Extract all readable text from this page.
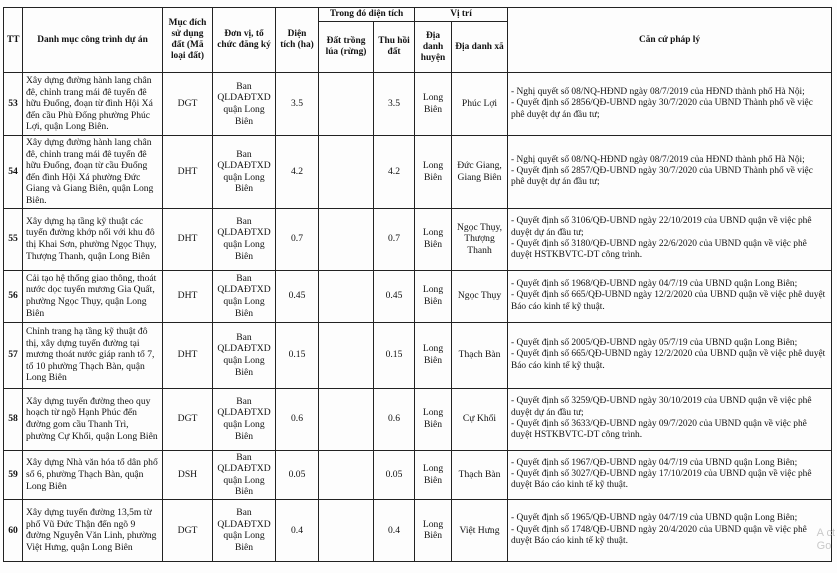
TT	Danh mục công trình dự án	Mục đích sử dụng đất (Mã loại đất)	Đơn vị, tổ chức đăng ký	Diện tích (ha)	Trong đó diện tích		Vị trí		Căn cứ pháp lý
					Đất trồng lúa (rừng)	Thu hồi đất	Địa danh huyện	Địa danh xã	
53	Xây dựng đường hành lang chân đê, chỉnh trang mái đê tuyến đê hữu Đuống, đoạn từ đình Hội Xá đến cầu Phù Đổng phường Phúc Lợi, quận Long Biên.	DGT	Ban QLDAĐTXD quận Long Biên	3.5		3.5	Long Biên	Phúc Lợi	- Nghị quyết số 08/NQ-HĐND ngày 08/7/2019 của HĐND thành phố Hà Nội;
- Quyết định số 2856/QĐ-UBND ngày 30/7/2020 của UBND Thành phố về việc phê duyệt dự án đầu tư;

54	Xây dựng đường hành lang chân đê, chỉnh trang mái đê tuyến đê hữu Đuống, đoạn từ cầu Đuống đến đình Hội Xá phường Đức Giang và Giang Biên, quận Long Biên.	DHT	Ban QLDAĐTXD quận Long Biên	4.2		4.2	Long Biên	Đức Giang, Giang Biên	- Nghị quyết số 08/NQ-HĐND ngày 08/7/2019 của HĐND thành phố Hà Nội;
- Quyết định số 2857/QĐ-UBND ngày 30/7/2020 của UBND Thành phố về việc phê duyệt dự án đầu tư;

55	Xây dựng hạ tầng kỹ thuật các tuyến đường khớp nối với khu đô thị Khai Sơn, phường Ngọc Thụy, Thượng Thanh, quận Long Biên	DHT	Ban QLDAĐTXD quận Long Biên	0.7		0.7	Long Biên	Ngọc Thụy, Thượng Thanh	- Quyết định số 3106/QĐ-UBND ngày 22/10/2019 của UBND quận về việc phê duyệt dự án đầu tư;
- Quyết định số 3180/QĐ-UBND ngày 22/6/2020 của UBND quận về việc phê duyệt HSTKBVTC-DT công trình.

56	Cải tạo hệ thống giao thông, thoát nước dọc tuyến mương Gia Quất, phường Ngọc Thụy, quận Long Biên	DHT	Ban QLDAĐTXD quận Long Biên	0.45		0.45	Long Biên	Ngọc Thụy	- Quyết định số 1968/QĐ-UBND ngày 04/7/19 của UBND quận Long Biên;
- Quyết định số 665/QĐ-UBND ngày 12/2/2020 của UBND quận về việc phê duyệt Báo cáo kinh tế kỹ thuật.

57	Chỉnh trang hạ tầng kỹ thuật đô thị, xây dựng tuyến đường tại mương thoát nước giáp ranh tổ 7, tổ 10 phường Thạch Bàn, quận Long Biên	DHT	Ban QLDAĐTXD quận Long Biên	0.15		0.15	Long Biên	Thạch Bàn	- Quyết định số 2005/QĐ-UBND ngày 05/7/19 của UBND quận Long Biên;
- Quyết định số 665/QĐ-UBND ngày 12/2/2020 của UBND quận về việc phê duyệt Báo cáo kinh tế kỹ thuật.

58	Xây dựng tuyến đường theo quy hoạch từ ngõ Hạnh Phúc đến đường gom cầu Thanh Trì, phường Cự Khối, quận Long Biên	DGT	Ban QLDAĐTXD quận Long Biên	0.6		0.6	Long Biên	Cự Khối	- Quyết định số 3259/QĐ-UBND ngày 30/10/2019 của UBND quận về việc phê duyệt dự án đầu tư;
- Quyết định số 3633/QĐ-UBND ngày 09/7/2020 của UBND quận về việc phê duyệt HSTKBVTC-DT công trình.

59	Xây dựng Nhà văn hóa tổ dân phố số 6, phường Thạch Bàn, quận Long Biên	DSH	Ban QLDAĐTXD quận Long Biên	0.05		0.05	Long Biên	Thạch Bàn	- Quyết định số 1967/QĐ-UBND ngày 04/7/19 của UBND quận Long Biên;
- Quyết định số 3027/QĐ-UBND ngày 17/10/2019 của UBND quận về việc phê duyệt Báo cáo kinh tế kỹ thuật.

60	Xây dựng tuyến đường 13,5m từ phố Vũ Đức Thận đến ngõ 9 đường Nguyễn Văn Linh, phường Việt Hưng, quận Long Biên	DGT	Ban QLDAĐTXD quận Long Biên	0.4		0.4	Long Biên	Việt Hưng	- Quyết định số 1965/QĐ-UBND ngày 04/7/19 của UBND quận Long Biên;
- Quyết định số 1748/QĐ-UBND ngày 20/4/2020 của UBND quận về việc phê duyệt Báo cáo kinh tế kỹ thuật.
A ct
Go
